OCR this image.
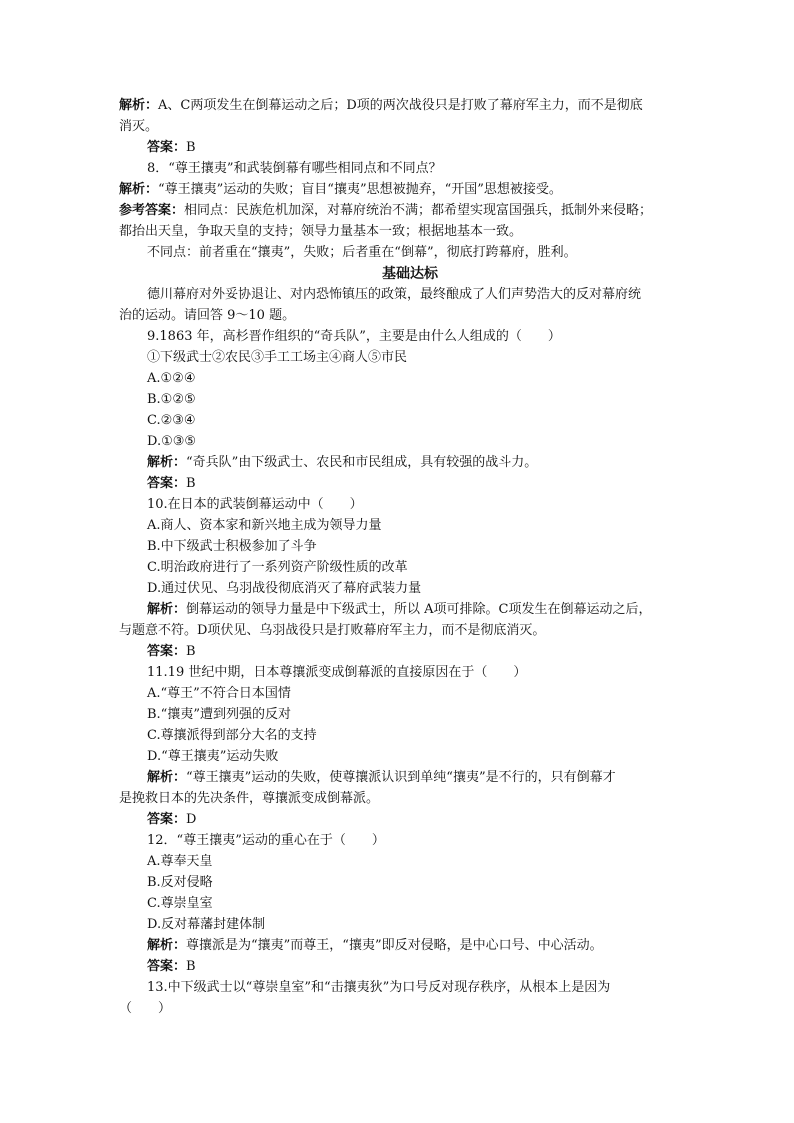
解析：A、C两项发生在倒幕运动之后；D项的两次战役只是打败了幕府军主力，而不是彻底
消灭。
答案：B
8．“尊王攘夷”和武装倒幕有哪些相同点和不同点？
解析：“尊王攘夷”运动的失败；盲目“攘夷”思想被抛弃，“开国”思想被接受。
参考答案：相同点：民族危机加深，对幕府统治不满；都希望实现富国强兵，抵制外来侵略；
都抬出天皇，争取天皇的支持；领导力量基本一致；根据地基本一致。
不同点：前者重在“攘夷”，失败；后者重在“倒幕”，彻底打跨幕府，胜利。
基础达标
德川幕府对外妥协退让、对内恐怖镇压的政策，最终酿成了人们声势浩大的反对幕府统
治的运动。请回答 9～10 题。
9.1863 年，高杉晋作组织的“奇兵队”，主要是由什么人组成的（　　）
①下级武士②农民③手工工场主④商人⑤市民
A.①②④
B.①②⑤
C.②③④
D.①③⑤
解析：“奇兵队”由下级武士、农民和市民组成，具有较强的战斗力。
答案：B
10.在日本的武装倒幕运动中（　　）
A.商人、资本家和新兴地主成为领导力量
B.中下级武士积极参加了斗争
C.明治政府进行了一系列资产阶级性质的改革
D.通过伏见、乌羽战役彻底消灭了幕府武装力量
解析：倒幕运动的领导力量是中下级武士，所以 A项可排除。C项发生在倒幕运动之后，
与题意不符。D项伏见、乌羽战役只是打败幕府军主力，而不是彻底消灭。
答案：B
11.19 世纪中期，日本尊攘派变成倒幕派的直接原因在于（　　）
A.“尊王”不符合日本国情
B.“攘夷”遭到列强的反对
C.尊攘派得到部分大名的支持
D.“尊王攘夷”运动失败
解析：“尊王攘夷”运动的失败，使尊攘派认识到单纯“攘夷”是不行的，只有倒幕才
是挽救日本的先决条件，尊攘派变成倒幕派。
答案：D
12．“尊王攘夷”运动的重心在于（　　）
A.尊奉天皇
B.反对侵略
C.尊崇皇室
D.反对幕藩封建体制
解析：尊攘派是为“攘夷”而尊王，“攘夷”即反对侵略，是中心口号、中心活动。
答案：B
13.中下级武士以“尊崇皇室”和“击攘夷狄”为口号反对现存秩序，从根本上是因为
（　　）
